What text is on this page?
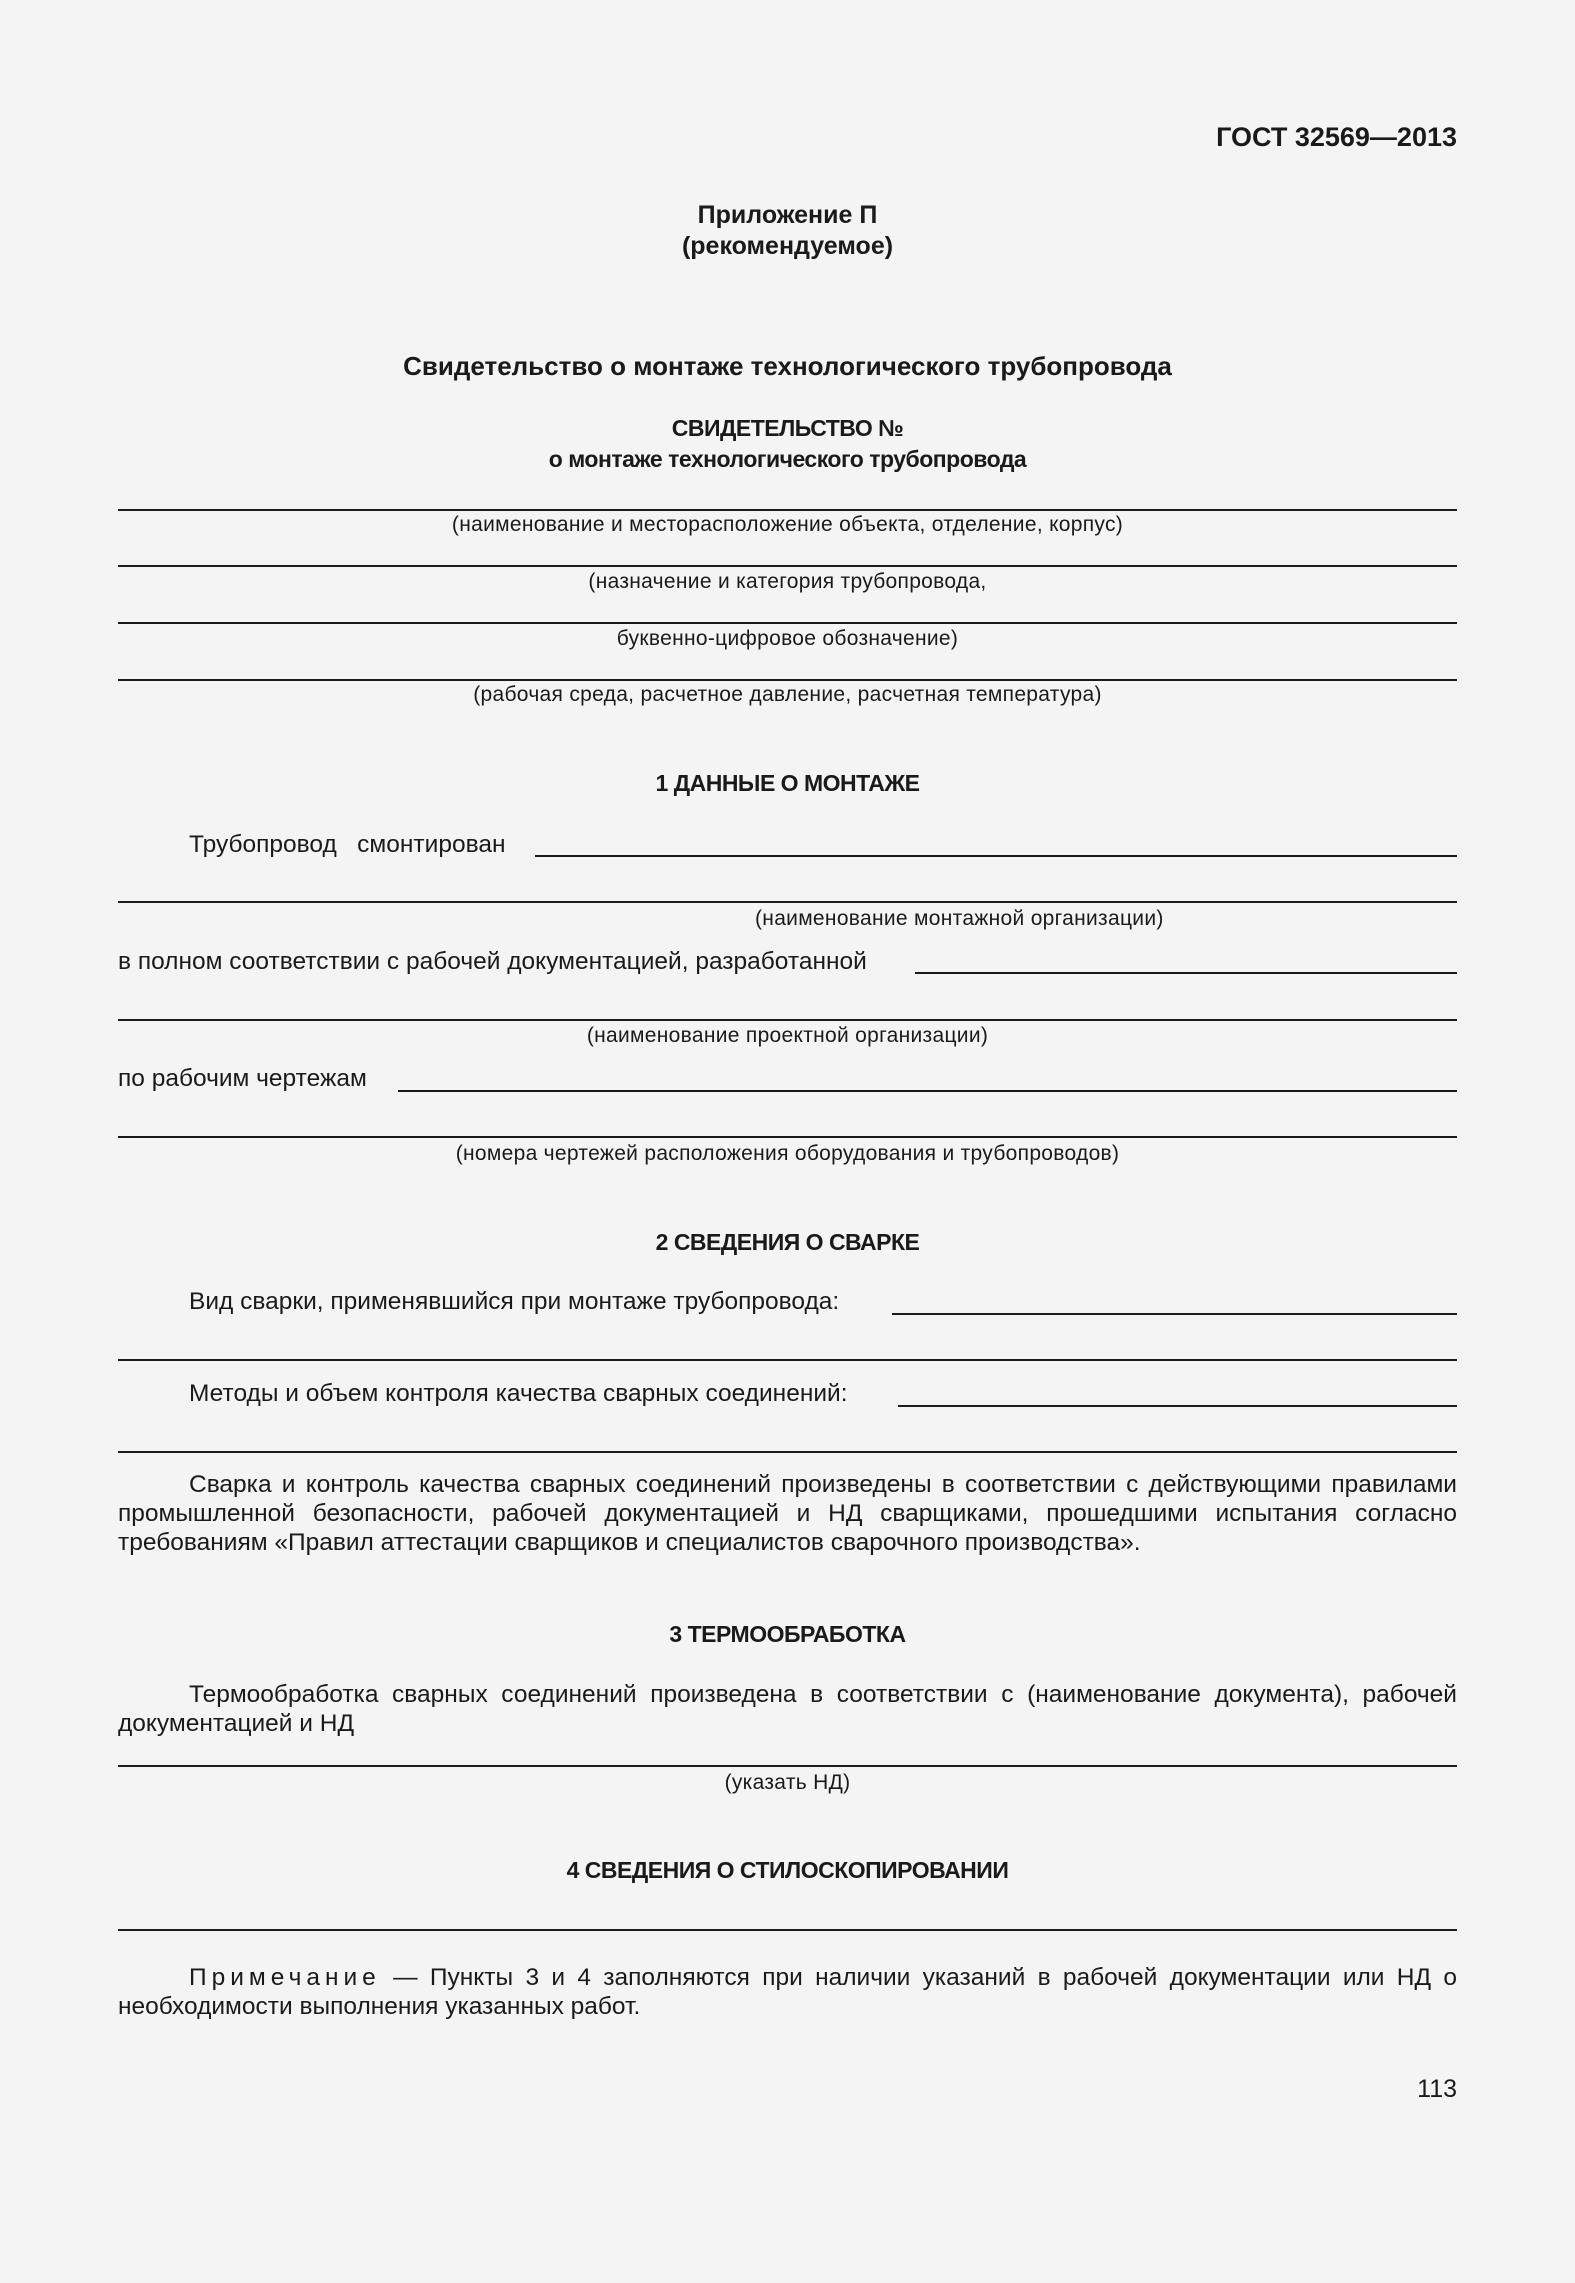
ГОСТ 32569—2013
Приложение П
(рекомендуемое)
Свидетельство о монтаже технологического трубопровода
СВИДЕТЕЛЬСТВО №
о монтаже технологического трубопровода
(наименование и месторасположение объекта, отделение, корпус)
(назначение и категория трубопровода,
буквенно-цифровое обозначение)
(рабочая среда, расчетное давление, расчетная температура)
1 ДАННЫЕ О МОНТАЖЕ
Трубопровод   смонтирован
(наименование монтажной организации)
в полном соответствии с рабочей документацией, разработанной
(наименование проектной организации)
по рабочим чертежам
(номера чертежей расположения оборудования и трубопроводов)
2 СВЕДЕНИЯ О СВАРКЕ
Вид сварки, применявшийся при монтаже трубопровода:
Методы и объем контроля качества сварных соединений:
Сварка и контроль качества сварных соединений произведены в соответствии с действующими правилами промышленной безопасности, рабочей документацией и НД сварщиками, прошедшими испытания согласно требованиям «Правил аттестации сварщиков и специалистов сварочного производства».
3 ТЕРМООБРАБОТКА
Термообработка сварных соединений произведена в соответствии с (наименование документа), рабочей документацией и НД
(указать НД)
4 СВЕДЕНИЯ О СТИЛОСКОПИРОВАНИИ
Примечание — Пункты 3 и 4 заполняются при наличии указаний в рабочей документации или НД о необходимости выполнения указанных работ.
113
